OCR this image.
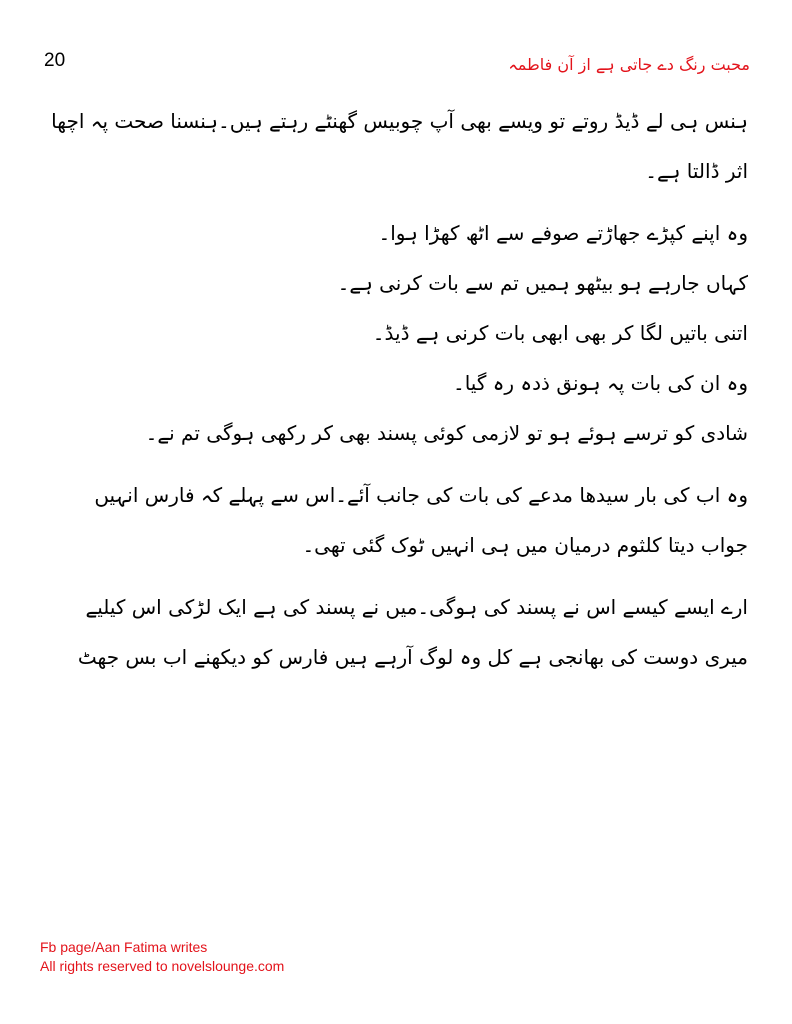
20	محبت رنگ دے جاتی ہے از آن فاطمہ
ہنس ہی لے ڈیڈ روتے تو ویسے بھی آپ چوبیس گھنٹے رہتے ہیں۔ہنسنا صحت پہ اچھا
اثر ڈالتا ہے۔
وہ اپنے کپڑے جھاڑتے صوفے سے اٹھ کھڑا ہوا۔
کہاں جارہے ہو بیٹھو ہمیں تم سے بات کرنی ہے۔
اتنی باتیں لگا کر بھی ابھی بات کرنی ہے ڈیڈ۔
وہ ان کی بات پہ ہونق ذدہ رہ گیا۔
شادی کو ترسے ہوئے ہو تو لازمی کوئی پسند بھی کر رکھی ہوگی تم نے۔
وہ اب کی بار سیدھا مدعے کی بات کی جانب آئے۔اس سے پہلے کہ فارس انہیں
جواب دیتا کلثوم درمیان میں ہی انہیں ٹوک گئی تھی۔
ارے ایسے کیسے اس نے پسند کی ہوگی۔میں نے پسند کی ہے ایک لڑکی اس کیلیے
میری دوست کی بھانجی ہے کل وہ لوگ آرہے ہیں فارس کو دیکھنے اب بس جھٹ
Fb page/Aan Fatima writes
All rights reserved to novelslounge.com
